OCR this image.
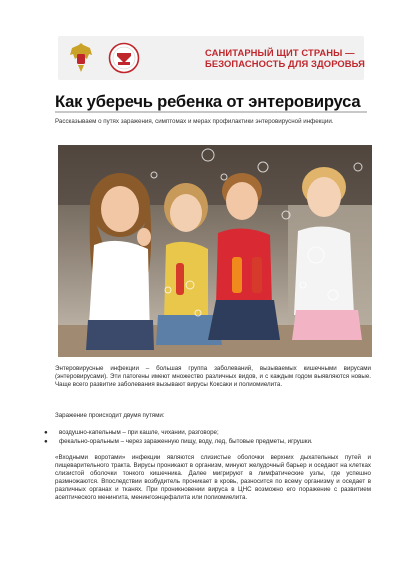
САНИТАРНЫЙ ЩИТ СТРАНЫ —
БЕЗОПАСНОСТЬ ДЛЯ ЗДОРОВЬЯ
Как уберечь ребенка от энтеровируса
Рассказываем о путях заражения, симптомах и мерах профилактики энтеровирусной инфекции.

Энтеровирусные инфекции – большая группа заболеваний, вызываемых кишечными вирусами (энтеровирусами). Эти патогены имеют множество различных видов, и с каждым годом выявляются новые. Чаще всего развитие заболевания вызывают вирусы Коксаки и полиомиелита.

Заражение происходит двумя путями:

● воздушно-капельным – при кашле, чихании, разговоре;
● фекально-оральным – через зараженную пищу, воду, лед, бытовые предметы, игрушки.

«Входными воротами» инфекции являются слизистые оболочки верхних дыхательных путей и пищеварительного тракта. Вирусы проникают в организм, минуют желудочный барьер и оседают на клетках слизистой оболочки тонкого кишечника. Далее мигрируют в лимфатические узлы, где успешно размножаются. Впоследствии возбудитель проникает в кровь, разносится по всему организму и оседает в различных органах и тканях. При проникновении вируса в ЦНС возможно его поражение с развитием асептического менингита, менингоэнцефалита или полиомиелита.
